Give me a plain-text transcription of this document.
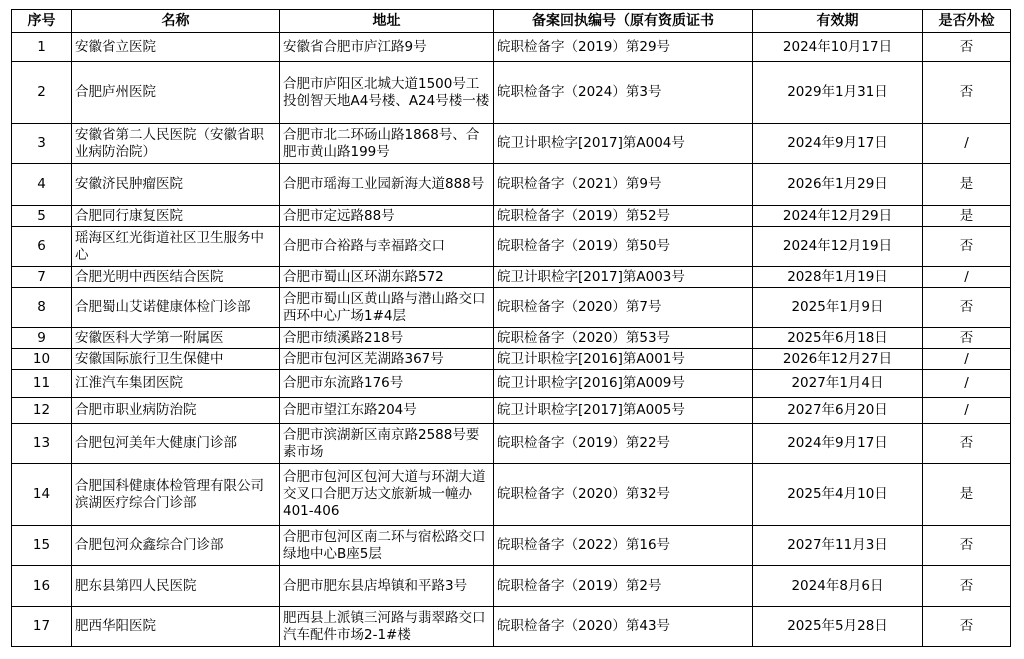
序号	名称	地址	备案回执编号（原有资质证书	有效期	是否外检
1	安徽省立医院	安徽省合肥市庐江路9号	皖职检备字（2019）第29号	2024年10月17日	否
2	合肥庐州医院	合肥市庐阳区北城大道1500号工投创智天地A4号楼、A24号楼一楼	皖职检备字（2024）第3号	2029年1月31日	否
3	安徽省第二人民医院（安徽省职业病防治院）	合肥市北二环砀山路1868号、合肥市黄山路199号	皖卫计职检字[2017]第A004号	2024年9月17日	/
4	安徽济民肿瘤医院	合肥市瑶海工业园新海大道888号	皖职检备字（2021）第9号	2026年1月29日	是
5	合肥同行康复医院	合肥市定远路88号	皖职检备字（2019）第52号	2024年12月29日	是
6	瑶海区红光街道社区卫生服务中心	合肥市合裕路与幸福路交口	皖职检备字（2019）第50号	2024年12月19日	否
7	合肥光明中西医结合医院	合肥市蜀山区环湖东路572	皖卫计职检字[2017]第A003号	2028年1月19日	/
8	合肥蜀山艾诺健康体检门诊部	合肥市蜀山区黄山路与潜山路交口西环中心广场1#4层	皖职检备字（2020）第7号	2025年1月9日	否
9	安徽医科大学第一附属医	合肥市绩溪路218号	皖职检备字（2020）第53号	2025年6月18日	否
10	安徽国际旅行卫生保健中	合肥市包河区芜湖路367号	皖卫计职检字[2016]第A001号	2026年12月27日	/
11	江淮汽车集团医院	合肥市东流路176号	皖卫计职检字[2016]第A009号	2027年1月4日	/
12	合肥市职业病防治院	合肥市望江东路204号	皖卫计职检字[2017]第A005号	2027年6月20日	/
13	合肥包河美年大健康门诊部	合肥市滨湖新区南京路2588号要素市场	皖职检备字（2019）第22号	2024年9月17日	否
14	合肥国科健康体检管理有限公司滨湖医疗综合门诊部	合肥市包河区包河大道与环湖大道交叉口合肥万达文旅新城一幢办401-406	皖职检备字（2020）第32号	2025年4月10日	是
15	合肥包河众鑫综合门诊部	合肥市包河区南二环与宿松路交口绿地中心B座5层	皖职检备字（2022）第16号	2027年11月3日	否
16	肥东县第四人民医院	合肥市肥东县店埠镇和平路3号	皖职检备字（2019）第2号	2024年8月6日	否
17	肥西华阳医院	肥西县上派镇三河路与翡翠路交口汽车配件市场2-1#楼	皖职检备字（2020）第43号	2025年5月28日	否
